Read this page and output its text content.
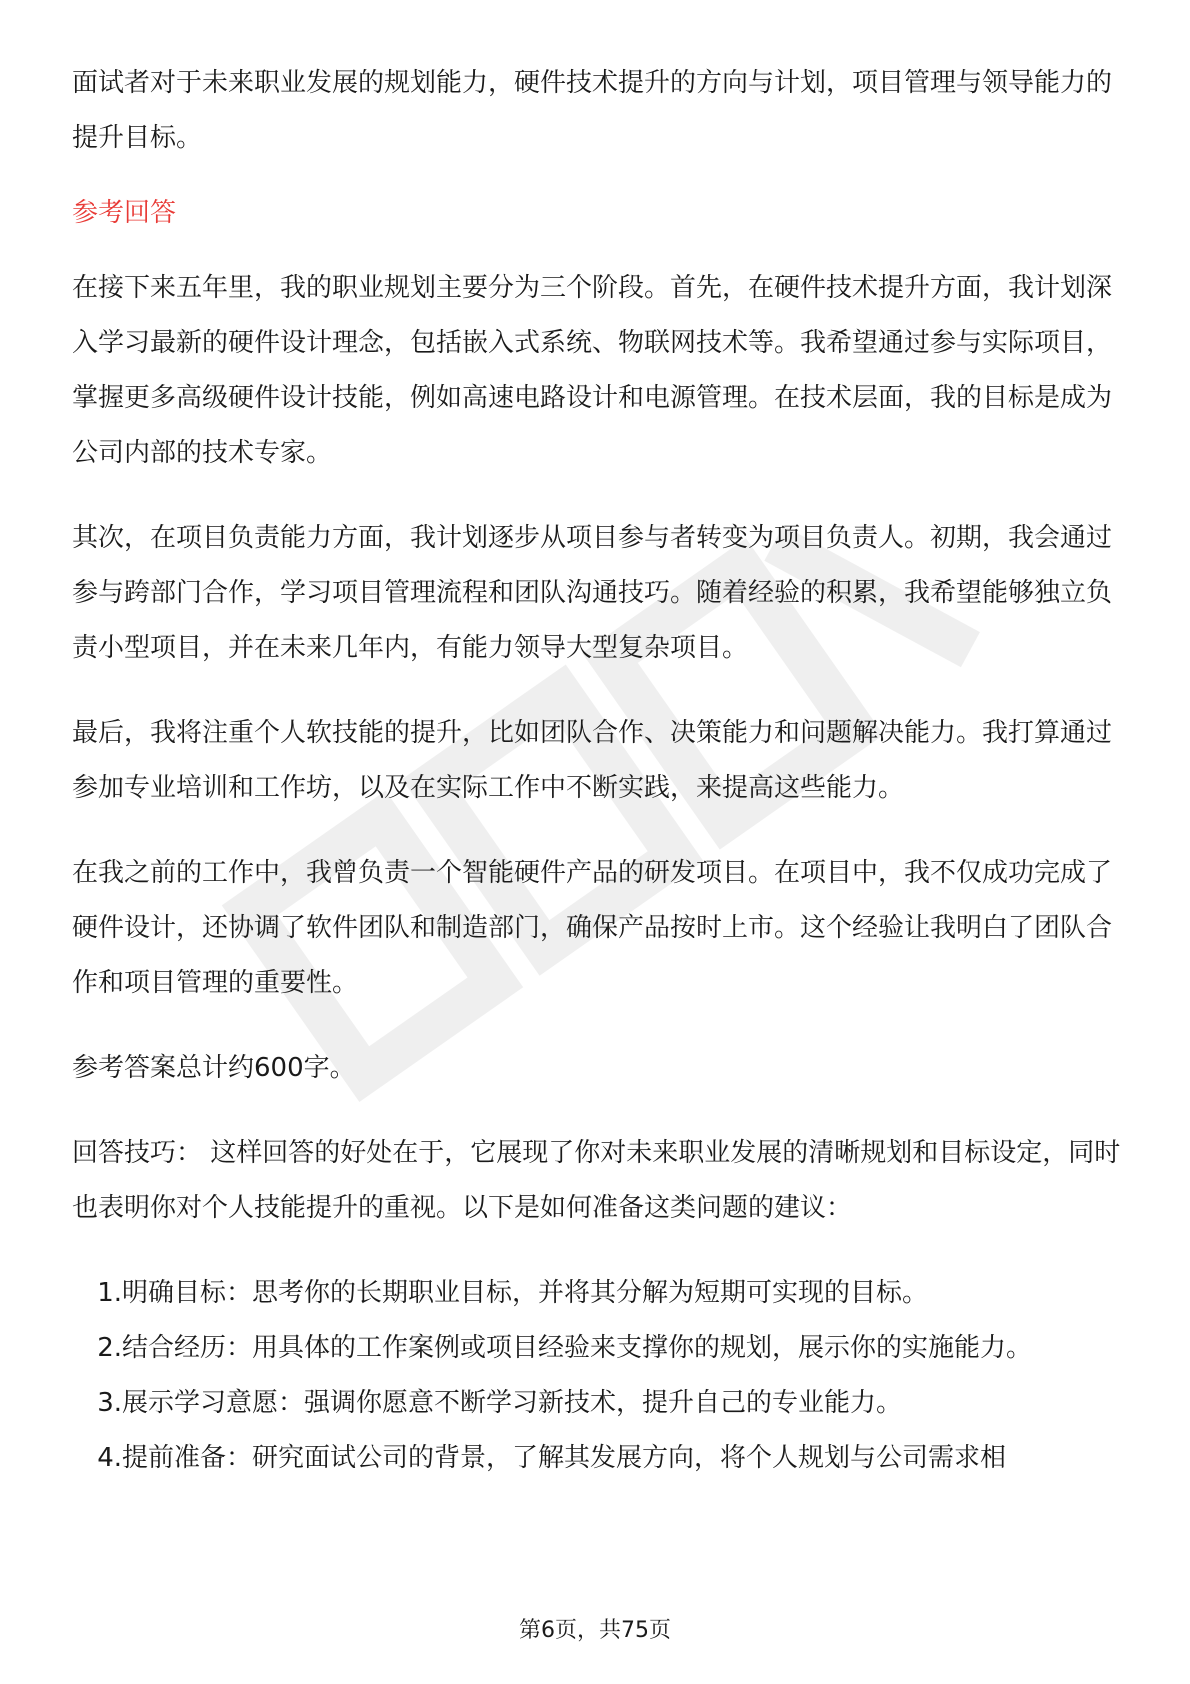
面试者对于未来职业发展的规划能力，硬件技术提升的方向与计划，项目管理与领导能力的提升目标。

参考回答

在接下来五年里，我的职业规划主要分为三个阶段。首先，在硬件技术提升方面，我计划深入学习最新的硬件设计理念，包括嵌入式系统、物联网技术等。我希望通过参与实际项目，掌握更多高级硬件设计技能，例如高速电路设计和电源管理。在技术层面，我的目标是成为公司内部的技术专家。

其次，在项目负责能力方面，我计划逐步从项目参与者转变为项目负责人。初期，我会通过参与跨部门合作，学习项目管理流程和团队沟通技巧。随着经验的积累，我希望能够独立负责小型项目，并在未来几年内，有能力领导大型复杂项目。

最后，我将注重个人软技能的提升，比如团队合作、决策能力和问题解决能力。我打算通过参加专业培训和工作坊，以及在实际工作中不断实践，来提高这些能力。

在我之前的工作中，我曾负责一个智能硬件产品的研发项目。在项目中，我不仅成功完成了硬件设计，还协调了软件团队和制造部门，确保产品按时上市。这个经验让我明白了团队合作和项目管理的重要性。

参考答案总计约600字。

回答技巧： 这样回答的好处在于，它展现了你对未来职业发展的清晰规划和目标设定，同时也表明你对个人技能提升的重视。以下是如何准备这类问题的建议：

1. 明确目标：思考你的长期职业目标，并将其分解为短期可实现的目标。
2. 结合经历：用具体的工作案例或项目经验来支撑你的规划，展示你的实施能力。
3. 展示学习意愿：强调你愿意不断学习新技术，提升自己的专业能力。
4. 提前准备：研究面试公司的背景，了解其发展方向，将个人规划与公司需求相
第6页，共75页
